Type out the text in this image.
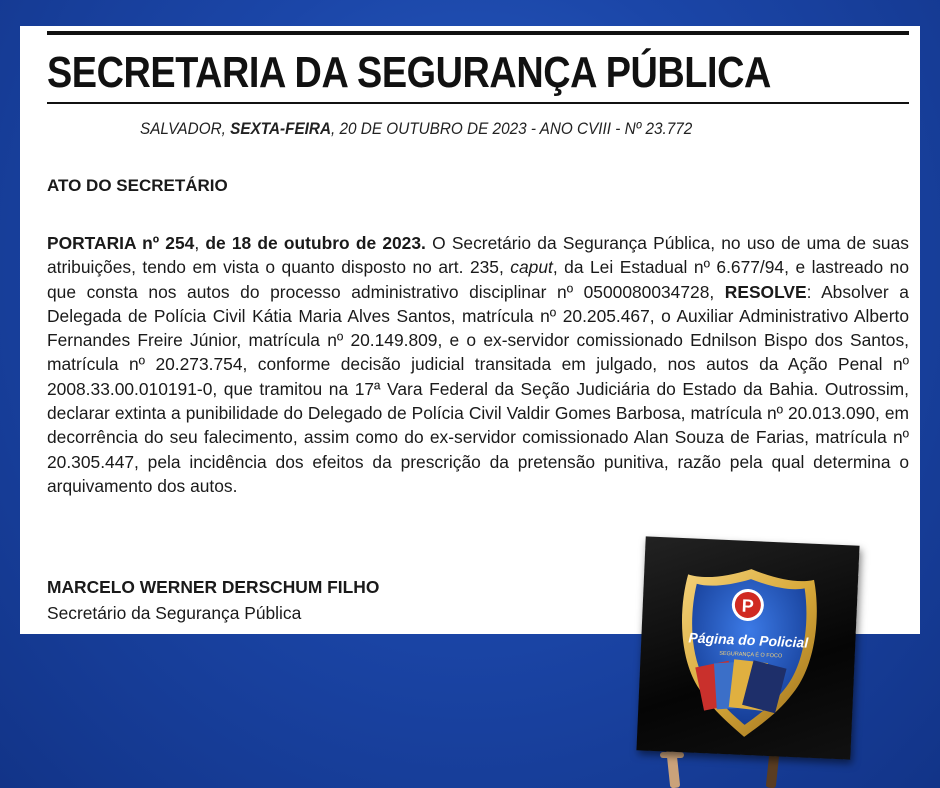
SECRETARIA DA SEGURANÇA PÚBLICA
SALVADOR, SEXTA-FEIRA, 20 DE OUTUBRO DE 2023 - ANO CVIII - Nº 23.772
ATO DO SECRETÁRIO
PORTARIA nº 254, de 18 de outubro de 2023. O Secretário da Segurança Pública, no uso de uma de suas atribuições, tendo em vista o quanto disposto no art. 235, caput, da Lei Estadual nº 6.677/94, e lastreado no que consta nos autos do processo administrativo disciplinar nº 0500080034728, RESOLVE: Absolver a Delegada de Polícia Civil Kátia Maria Alves Santos, matrícula nº 20.205.467, o Auxiliar Administrativo Alberto Fernandes Freire Júnior, matrícula nº 20.149.809, e o ex-servidor comissionado Ednilson Bispo dos Santos, matrícula nº 20.273.754, conforme decisão judicial transitada em julgado, nos autos da Ação Penal nº 2008.33.00.010191-0, que tramitou na 17ª Vara Federal da Seção Judiciária do Estado da Bahia. Outrossim, declarar extinta a punibilidade do Delegado de Polícia Civil Valdir Gomes Barbosa, matrícula nº 20.013.090, em decorrência do seu falecimento, assim como do ex-servidor comissionado Alan Souza de Farias, matrícula nº 20.305.447, pela incidência dos efeitos da prescrição da pretensão punitiva, razão pela qual determina o arquivamento dos autos.
MARCELO WERNER DERSCHUM FILHO
Secretário da Segurança Pública	P
Página do Policial
SEGURANÇA É O FOCO
